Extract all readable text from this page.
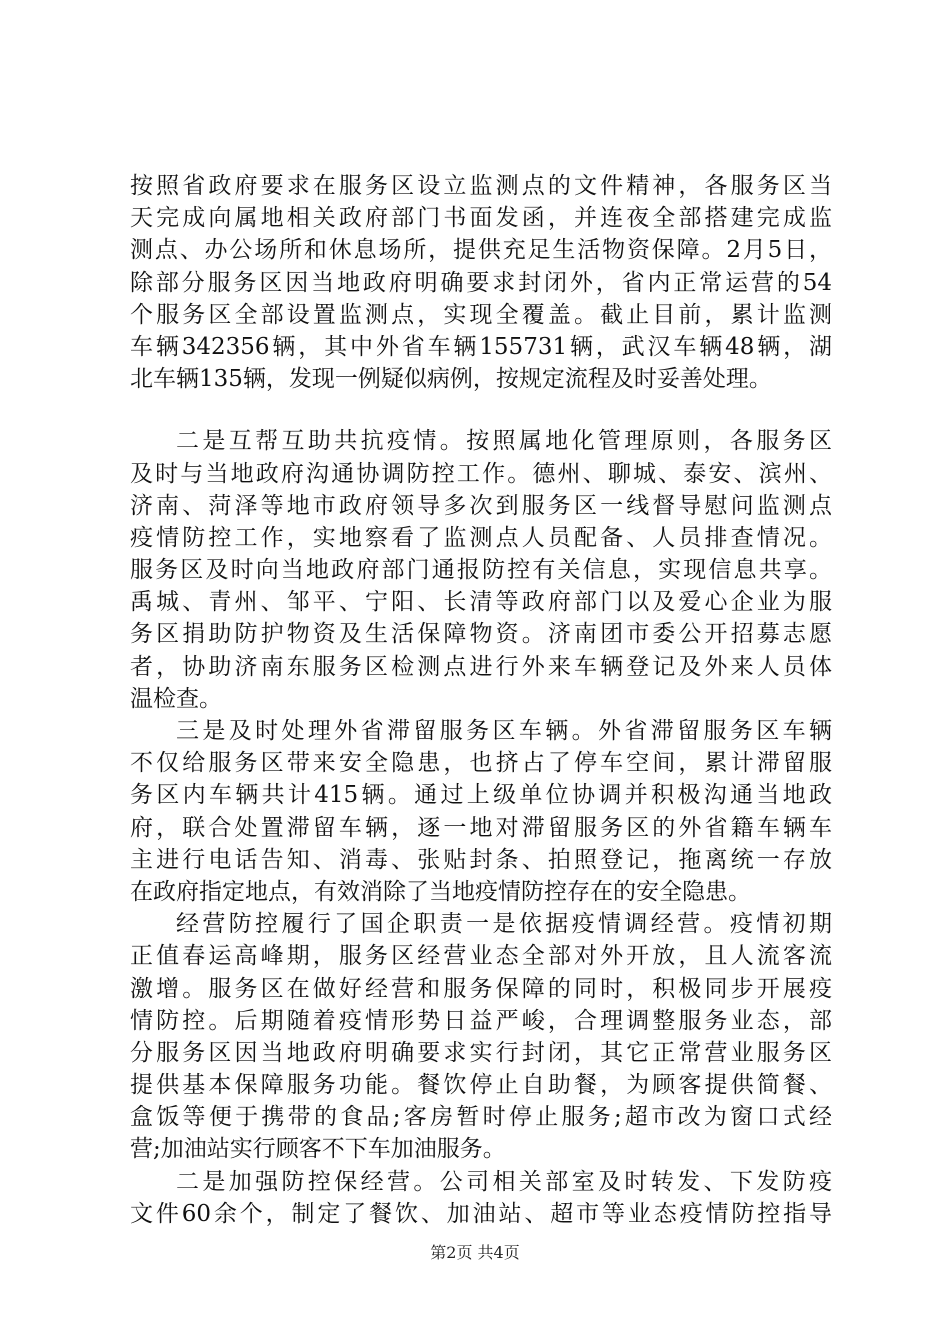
按照省政府要求在服务区设立监测点的文件精神，各服务区当
天完成向属地相关政府部门书面发函，并连夜全部搭建完成监
测点、办公场所和休息场所，提供充足生活物资保障。2月5日，
除部分服务区因当地政府明确要求封闭外，省内正常运营的54
个服务区全部设置监测点，实现全覆盖。截止目前，累计监测
车辆342356辆，其中外省车辆155731辆，武汉车辆48辆，湖
北车辆135辆，发现一例疑似病例，按规定流程及时妥善处理。
二是互帮互助共抗疫情。按照属地化管理原则，各服务区
及时与当地政府沟通协调防控工作。德州、聊城、泰安、滨州、
济南、菏泽等地市政府领导多次到服务区一线督导慰问监测点
疫情防控工作，实地察看了监测点人员配备、人员排查情况。
服务区及时向当地政府部门通报防控有关信息，实现信息共享。
禹城、青州、邹平、宁阳、长清等政府部门以及爱心企业为服
务区捐助防护物资及生活保障物资。济南团市委公开招募志愿
者，协助济南东服务区检测点进行外来车辆登记及外来人员体
温检查。
三是及时处理外省滞留服务区车辆。外省滞留服务区车辆
不仅给服务区带来安全隐患，也挤占了停车空间，累计滞留服
务区内车辆共计415辆。通过上级单位协调并积极沟通当地政
府，联合处置滞留车辆，逐一地对滞留服务区的外省籍车辆车
主进行电话告知、消毒、张贴封条、拍照登记，拖离统一存放
在政府指定地点，有效消除了当地疫情防控存在的安全隐患。
经营防控履行了国企职责一是依据疫情调经营。疫情初期
正值春运高峰期，服务区经营业态全部对外开放，且人流客流
激增。服务区在做好经营和服务保障的同时，积极同步开展疫
情防控。后期随着疫情形势日益严峻，合理调整服务业态，部
分服务区因当地政府明确要求实行封闭，其它正常营业服务区
提供基本保障服务功能。餐饮停止自助餐，为顾客提供简餐、
盒饭等便于携带的食品;客房暂时停止服务;超市改为窗口式经
营;加油站实行顾客不下车加油服务。
二是加强防控保经营。公司相关部室及时转发、下发防疫
文件60余个，制定了餐饮、加油站、超市等业态疫情防控指导
第2页 共4页
